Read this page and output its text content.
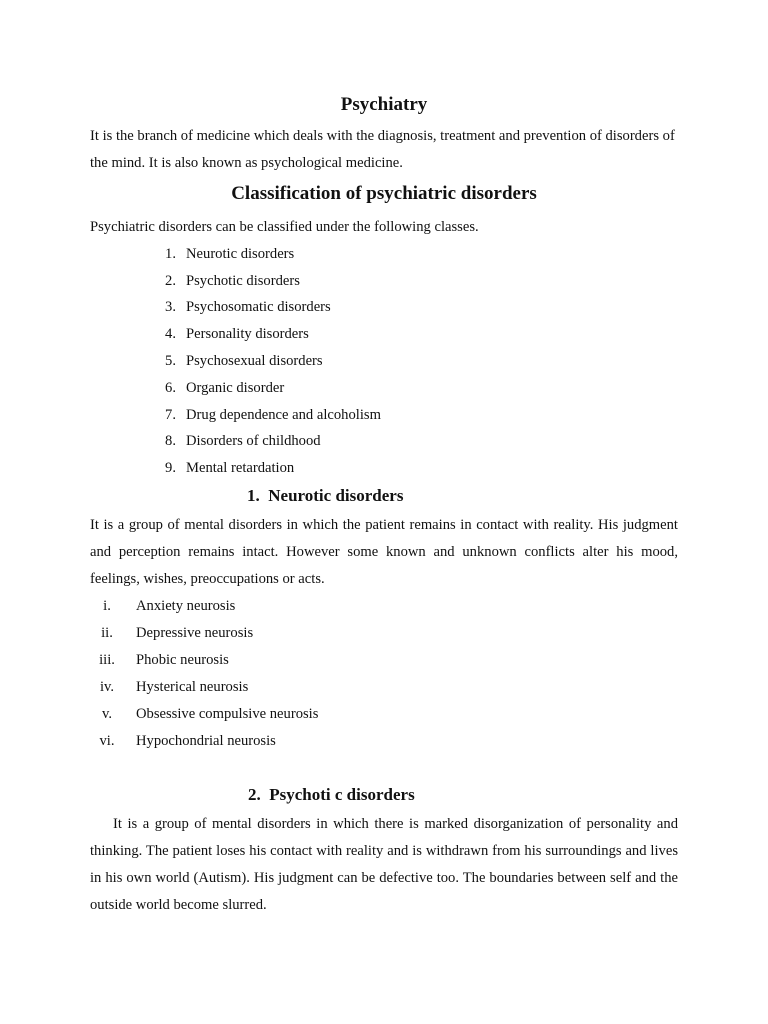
Psychiatry

It is the branch of medicine which deals with the diagnosis, treatment and prevention of disorders of the mind. It is also known as psychological medicine.

Classification of psychiatric disorders
Psychiatric disorders can be classified under the following classes.
1. Neurotic disorders
2. Psychotic disorders
3. Psychosomatic disorders
4. Personality disorders
5. Psychosexual disorders
6. Organic disorder
7. Drug dependence and alcoholism
8. Disorders of childhood
9. Mental retardation
1. Neurotic disorders

It is a group of mental disorders in which the patient remains in contact with reality. His judgment and perception remains intact. However some known and unknown conflicts alter his mood, feelings, wishes, preoccupations or acts.

i.	Anxiety neurosis
ii.	Depressive neurosis
iii.	Phobic neurosis
iv.	Hysterical neurosis
v.	Obsessive compulsive neurosis
vi.	Hypochondrial neurosis
2. Psychoti c disorders

It is a group of mental disorders in which there is marked disorganization of personality and thinking. The patient loses his contact with reality and is withdrawn from his surroundings and lives in his own world (Autism). His judgment can be defective too. The boundaries between self and the outside world become slurred.
